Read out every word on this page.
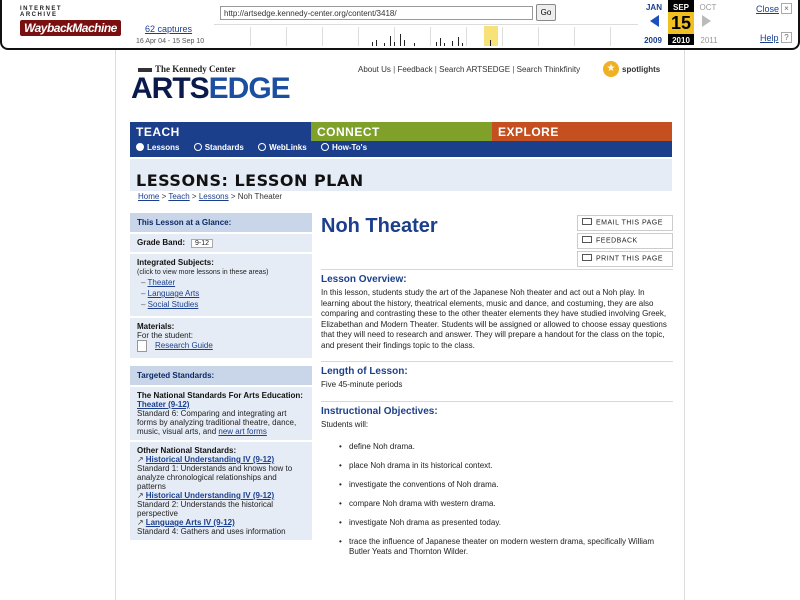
INTERNET ARCHIVE
WaybackMachine	62 captures
16 Apr 04 - 15 Sep 10
http://artsedge.kennedy-center.org/content/3418/
Go
JAN	SEP	OCT
15
2009	2010	2011
Close ×
Help ?
The Kennedy Center
ARTSEDGE
About Us | Feedback | Search ARTSEDGE | Search Thinkfinity	★ spotlights
TEACH	CONNECT	EXPLORE
Lessons	Standards	WebLinks	How-To's
LESSONS: LESSON PLAN
Home > Teach > Lessons > Noh Theater
This Lesson at a Glance:
Grade Band: 9-12
Integrated Subjects:
(click to view more lessons in these areas)
– Theater
– Language Arts
– Social Studies
Materials:
For the student:
Research Guide
Targeted Standards:
The National Standards For Arts Education:
Theater (9-12)
Standard 6: Comparing and integrating art forms by analyzing traditional theatre, dance, music, visual arts, and new art forms
Other National Standards:
↗ Historical Understanding IV (9-12)
Standard 1: Understands and knows how to analyze chronological relationships and patterns
↗ Historical Understanding IV (9-12)
Standard 2: Understands the historical perspective
↗ Language Arts IV (9-12)
Standard 4: Gathers and uses information
Noh Theater	EMAIL THIS PAGE
FEEDBACK
PRINT THIS PAGE
Lesson Overview:
In this lesson, students study the art of the Japanese Noh theater and act out a Noh play. In learning about the history, theatrical elements, music and dance, and costuming, they are also comparing and contrasting these to the other theater elements they have studied involving Greek, Elizabethan and Modern Theater. Students will be assigned or allowed to choose essay questions that they will need to research and answer. They will prepare a handout for the class on the topic, and present their findings topic to the class.
Length of Lesson:
Five 45-minute periods
Instructional Objectives:
Students will:
• define Noh drama.
• place Noh drama in its historical context.
• investigate the conventions of Noh drama.
• compare Noh drama with western drama.
• investigate Noh drama as presented today.
• trace the influence of Japanese theater on modern western drama, specifically William Butler Yeats and Thornton Wilder.
